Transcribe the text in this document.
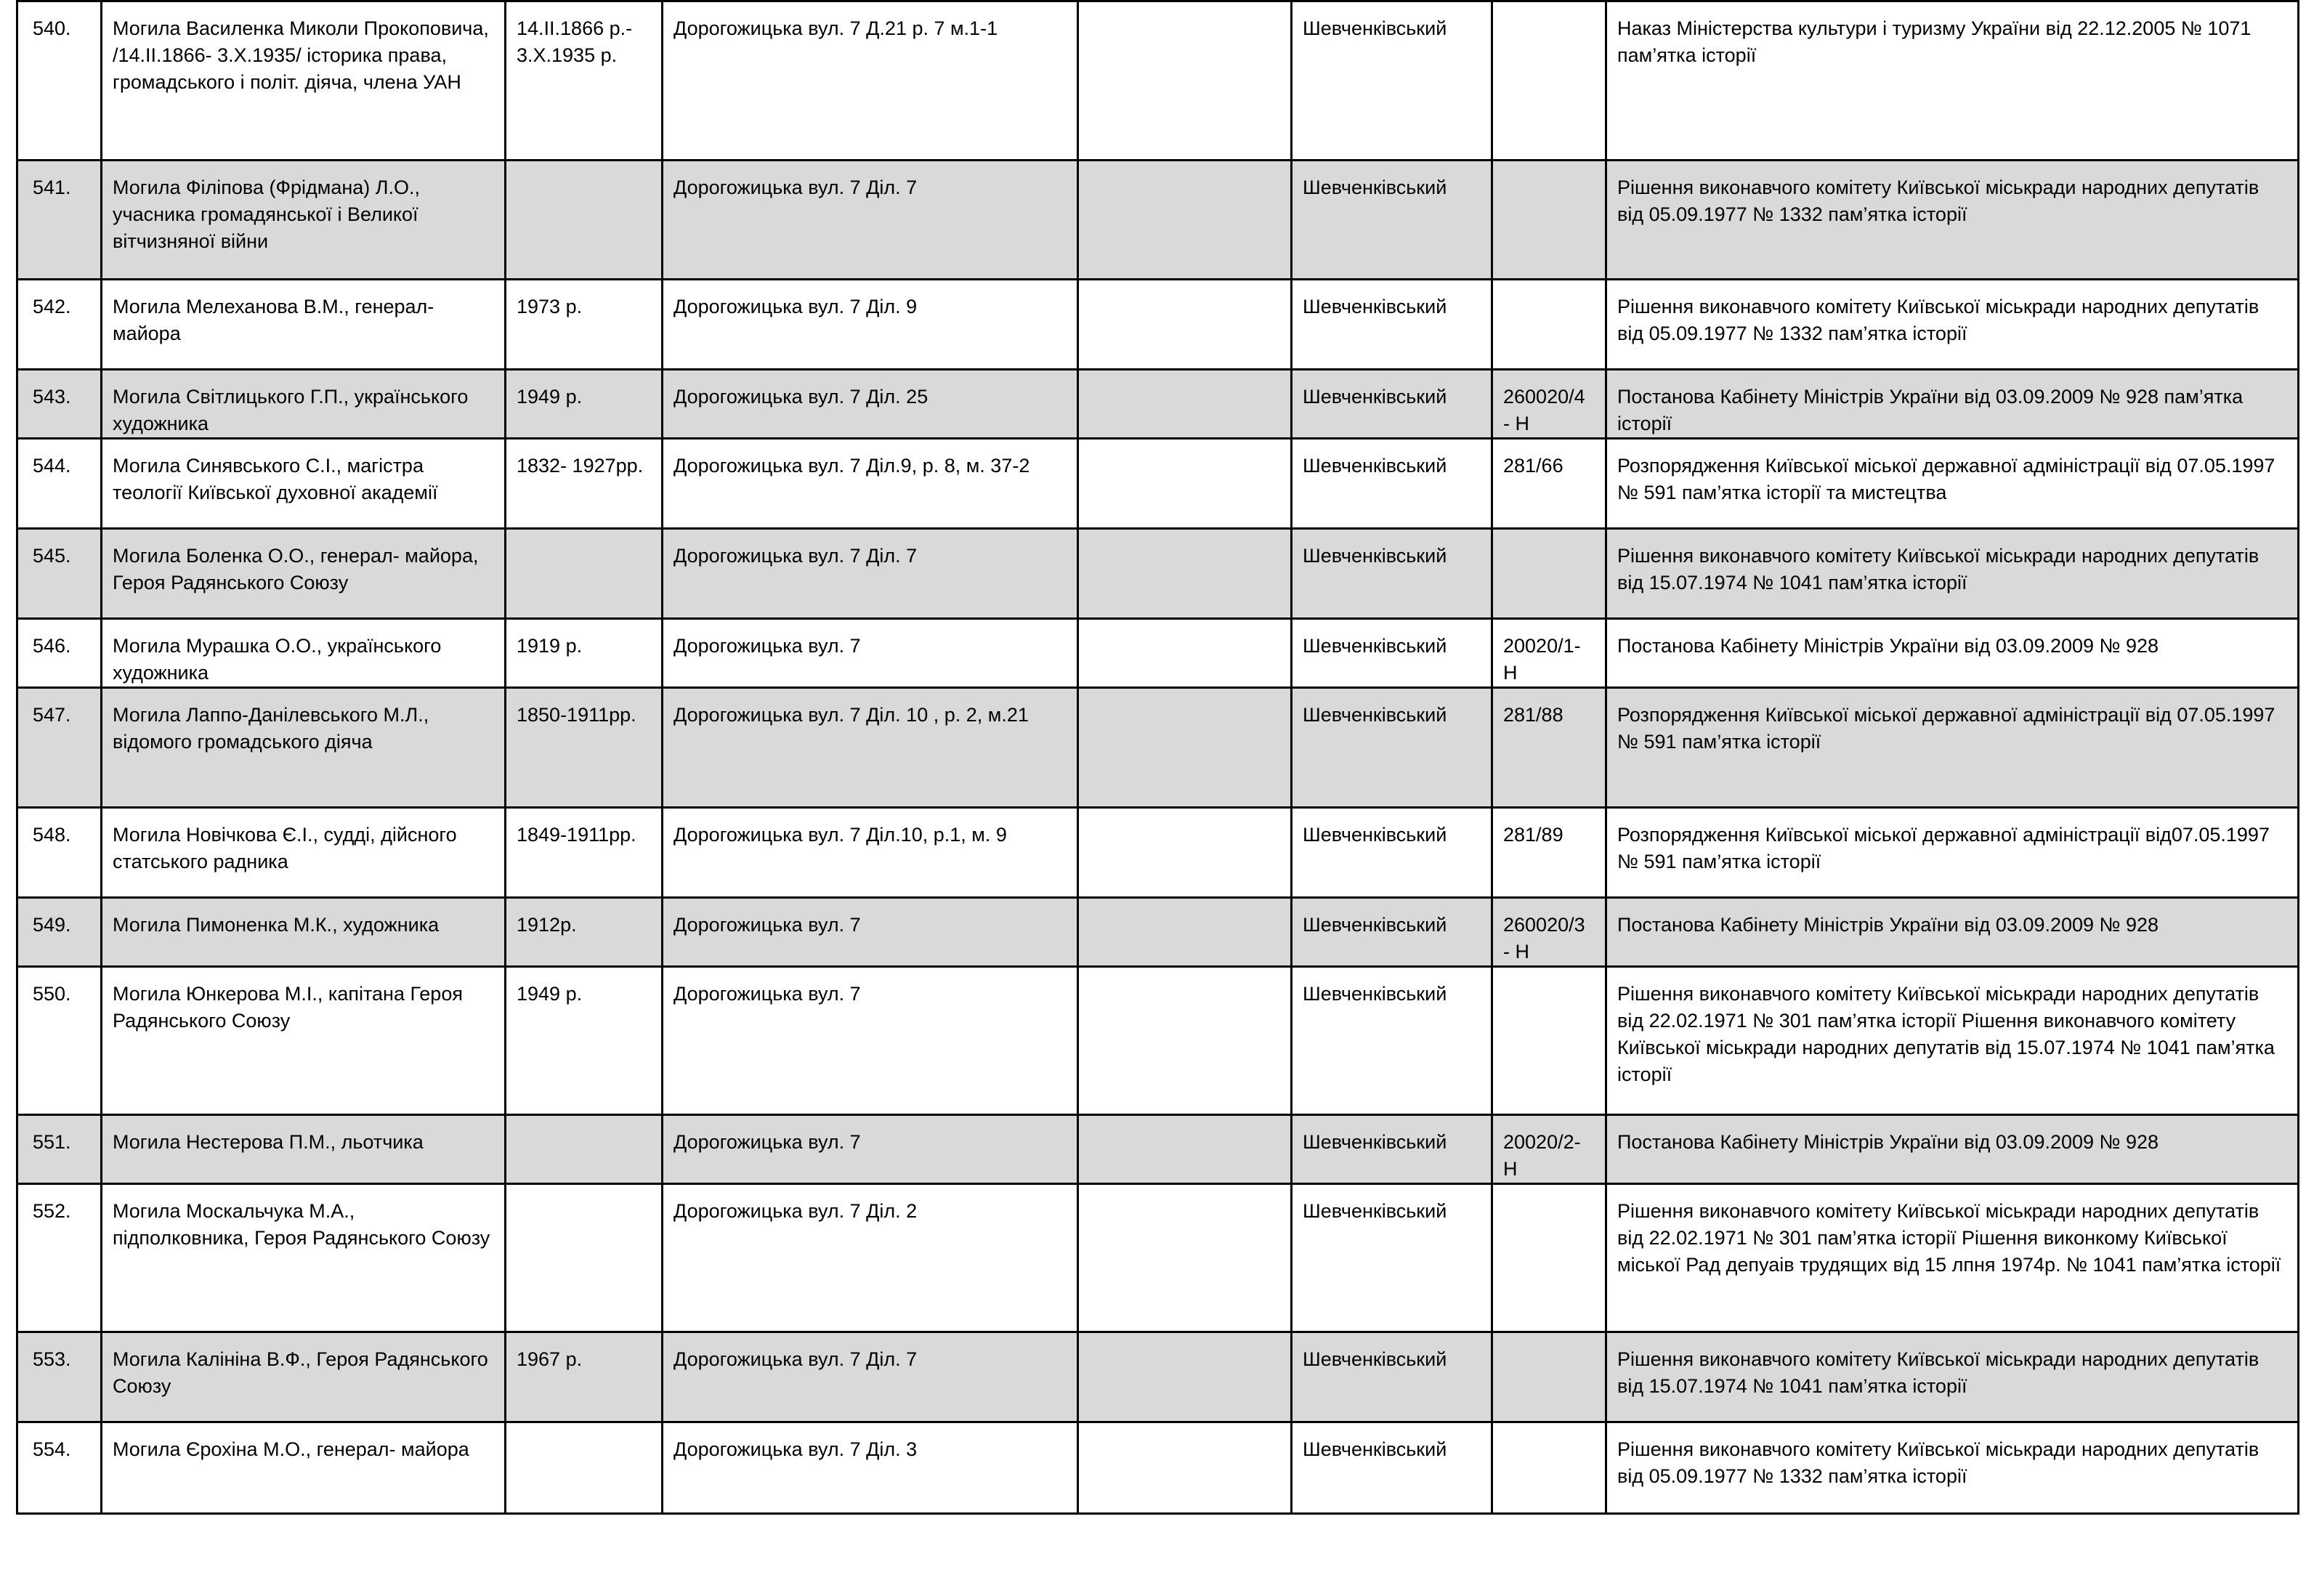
540.	Могила Василенка Миколи Прокоповича, /14.ІІ.1866- 3.Х.1935/ історика права, громадського і політ. діяча, члена УАН	14.ІІ.1866 р.- 3.Х.1935 р.	Дорогожицька вул. 7 Д.21 р. 7 м.1-1		Шевченківський		Наказ Міністерства культури і туризму України від 22.12.2005 № 1071 пам’ятка історії
541.	Могила Філіпова (Фрідмана) Л.О., учасника громадянської і Великої вітчизняної війни		Дорогожицька вул. 7 Діл. 7		Шевченківський		Рішення виконавчого комітету Київської міськради народних депутатів від 05.09.1977 № 1332 пам’ятка історії
542.	Могила Мелеханова В.М., генерал- майора	1973 р.	Дорогожицька вул. 7 Діл. 9		Шевченківський		Рішення виконавчого комітету Київської міськради народних депутатів від 05.09.1977 № 1332 пам’ятка історії
543.	Могила Світлицького Г.П., українського художника	1949 р.	Дорогожицька вул. 7 Діл. 25		Шевченківський	260020/4 - Н	Постанова Кабінету Міністрів України від 03.09.2009 № 928 пам’ятка історії
544.	Могила Синявського С.І., магістра теології Київської духовної академії	1832- 1927рр.	Дорогожицька вул. 7 Діл.9, р. 8, м. 37-2		Шевченківський	281/66	Розпорядження Київської міської державної адміністрації від 07.05.1997 № 591 пам’ятка історії та мистецтва
545.	Могила Боленка О.О., генерал- майора, Героя Радянського Союзу		Дорогожицька вул. 7 Діл. 7		Шевченківський		Рішення виконавчого комітету Київської міськради народних депутатів від 15.07.1974 № 1041 пам’ятка історії
546.	Могила Мурашка О.О., українського художника	1919 р.	Дорогожицька вул. 7		Шевченківський	20020/1- Н	Постанова Кабінету Міністрів України від 03.09.2009 № 928
547.	Могила Лаппо-Данілевського М.Л., відомого громадського діяча	1850-1911рр.	Дорогожицька вул. 7 Діл. 10 , р. 2, м.21		Шевченківський	281/88	Розпорядження Київської міської державної адміністрації від 07.05.1997 № 591 пам’ятка історії
548.	Могила Новічкова Є.І., судді, дійсного статського радника	1849-1911рр.	Дорогожицька вул. 7 Діл.10, р.1, м. 9		Шевченківський	281/89	Розпорядження Київської міської державної адміністрації від07.05.1997 № 591 пам’ятка історії
549.	Могила Пимоненка М.К., художника	1912р.	Дорогожицька вул. 7		Шевченківський	260020/3 - Н	Постанова Кабінету Міністрів України від 03.09.2009 № 928
550.	Могила Юнкерова М.І., капітана Героя Радянського Союзу	1949 р.	Дорогожицька вул. 7		Шевченківський		Рішення виконавчого комітету Київської міськради народних депутатів від 22.02.1971 № 301 пам’ятка історії Рішення виконавчого комітету Київської міськради народних депутатів від 15.07.1974 № 1041 пам’ятка історії
551.	Могила Нестерова П.М., льотчика		Дорогожицька вул. 7		Шевченківський	20020/2- Н	Постанова Кабінету Міністрів України від 03.09.2009 № 928
552.	Могила Москальчука М.А., підполковника, Героя Радянського Союзу		Дорогожицька вул. 7 Діл. 2		Шевченківський		Рішення виконавчого комітету Київської міськради народних депутатів від 22.02.1971 № 301 пам’ятка історії Рішення виконкому Київської міської Рад депуаів трудящих від 15 лпня 1974р. № 1041 пам’ятка історії
553.	Могила Калініна В.Ф., Героя Радянського Союзу	1967 р.	Дорогожицька вул. 7 Діл. 7		Шевченківський		Рішення виконавчого комітету Київської міськради народних депутатів від 15.07.1974 № 1041 пам’ятка історії
554.	Могила Єрохіна М.О., генерал- майора		Дорогожицька вул. 7 Діл. 3		Шевченківський		Рішення виконавчого комітету Київської міськради народних депутатів від 05.09.1977 № 1332 пам’ятка історії
